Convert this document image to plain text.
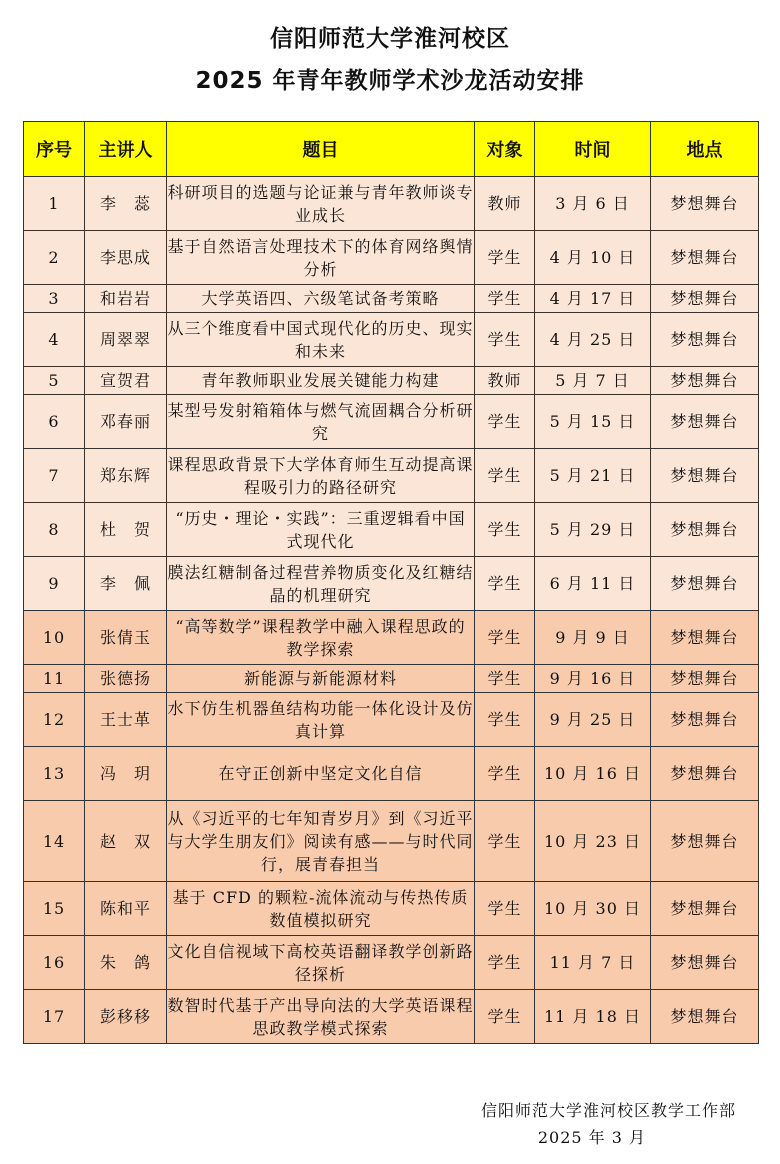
信阳师范大学淮河校区
2025 年青年教师学术沙龙活动安排
序号	主讲人	题目	对象	时间	地点
1	李　蕊	科研项目的选题与论证兼与青年教师谈专业成长	教师	3 月 6 日	梦想舞台
2	李思成	基于自然语言处理技术下的体育网络舆情分析	学生	4 月 10 日	梦想舞台
3	和岩岩	大学英语四、六级笔试备考策略	学生	4 月 17 日	梦想舞台
4	周翠翠	从三个维度看中国式现代化的历史、现实和未来	学生	4 月 25 日	梦想舞台
5	宣贺君	青年教师职业发展关键能力构建	教师	5 月 7 日	梦想舞台
6	邓春丽	某型号发射箱箱体与燃气流固耦合分析研究	学生	5 月 15 日	梦想舞台
7	郑东辉	课程思政背景下大学体育师生互动提高课程吸引力的路径研究	学生	5 月 21 日	梦想舞台
8	杜　贺	“历史・理论・实践”：三重逻辑看中国式现代化	学生	5 月 29 日	梦想舞台
9	李　佩	膜法红糖制备过程营养物质变化及红糖结晶的机理研究	学生	6 月 11 日	梦想舞台
10	张倩玉	“高等数学”课程教学中融入课程思政的教学探索	学生	9 月 9 日	梦想舞台
11	张德扬	新能源与新能源材料	学生	9 月 16 日	梦想舞台
12	王士革	水下仿生机器鱼结构功能一体化设计及仿真计算	学生	9 月 25 日	梦想舞台
13	冯　玥	在守正创新中坚定文化自信	学生	10 月 16 日	梦想舞台
14	赵　双	从《习近平的七年知青岁月》到《习近平与大学生朋友们》阅读有感——与时代同行，展青春担当	学生	10 月 23 日	梦想舞台
15	陈和平	基于 CFD 的颗粒-流体流动与传热传质数值模拟研究	学生	10 月 30 日	梦想舞台
16	朱　鸽	文化自信视域下高校英语翻译教学创新路径探析	学生	11 月 7 日	梦想舞台
17	彭移移	数智时代基于产出导向法的大学英语课程思政教学模式探索	学生	11 月 18 日	梦想舞台
信阳师范大学淮河校区教学工作部
2025 年 3 月
